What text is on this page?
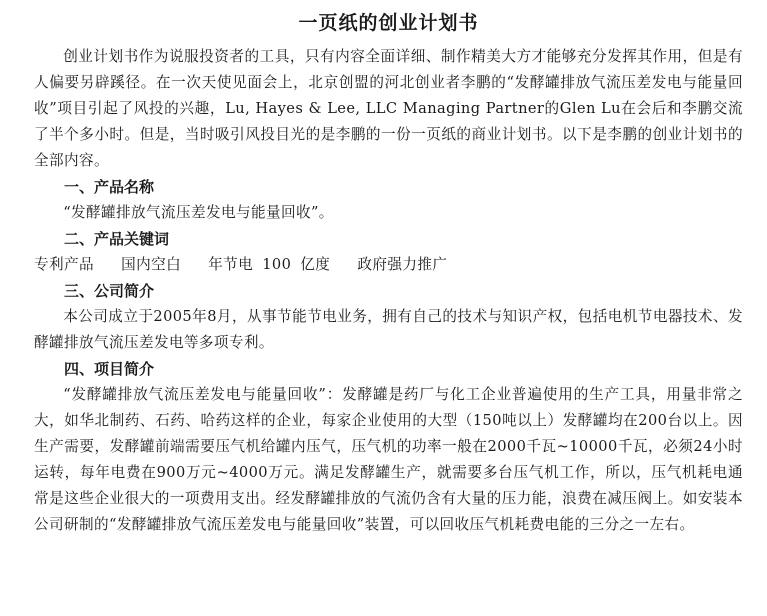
一页纸的创业计划书

创业计划书作为说服投资者的工具，只有内容全面详细、制作精美大方才能够充分发挥其作用，但是有人偏要另辟蹊径。在一次天使见面会上，北京创盟的河北创业者李鹏的“发酵罐排放气流压差发电与能量回收”项目引起了风投的兴趣，Lu, Hayes & Lee, LLC Managing Partner的Glen Lu在会后和李鹏交流了半个多小时。但是，当时吸引风投目光的是李鹏的一份一页纸的商业计划书。以下是李鹏的创业计划书的全部内容。

一、产品名称

“发酵罐排放气流压差发电与能量回收”。

二、产品关键词

专利产品   国内空白   年节电 100 亿度   政府强力推广

三、公司简介

本公司成立于2005年8月，从事节能节电业务，拥有自己的技术与知识产权，包括电机节电器技术、发酵罐排放气流压差发电等多项专利。

四、项目简介

“发酵罐排放气流压差发电与能量回收”：发酵罐是药厂与化工企业普遍使用的生产工具，用量非常之大，如华北制药、石药、哈药这样的企业，每家企业使用的大型（150吨以上）发酵罐均在200台以上。因生产需要，发酵罐前端需要压气机给罐内压气，压气机的功率一般在2000千瓦~10000千瓦，必须24小时运转，每年电费在900万元~4000万元。满足发酵罐生产，就需要多台压气机工作，所以，压气机耗电通常是这些企业很大的一项费用支出。经发酵罐排放的气流仍含有大量的压力能，浪费在减压阀上。如安装本公司研制的“发酵罐排放气流压差发电与能量回收”装置，可以回收压气机耗费电能的三分之一左右。
